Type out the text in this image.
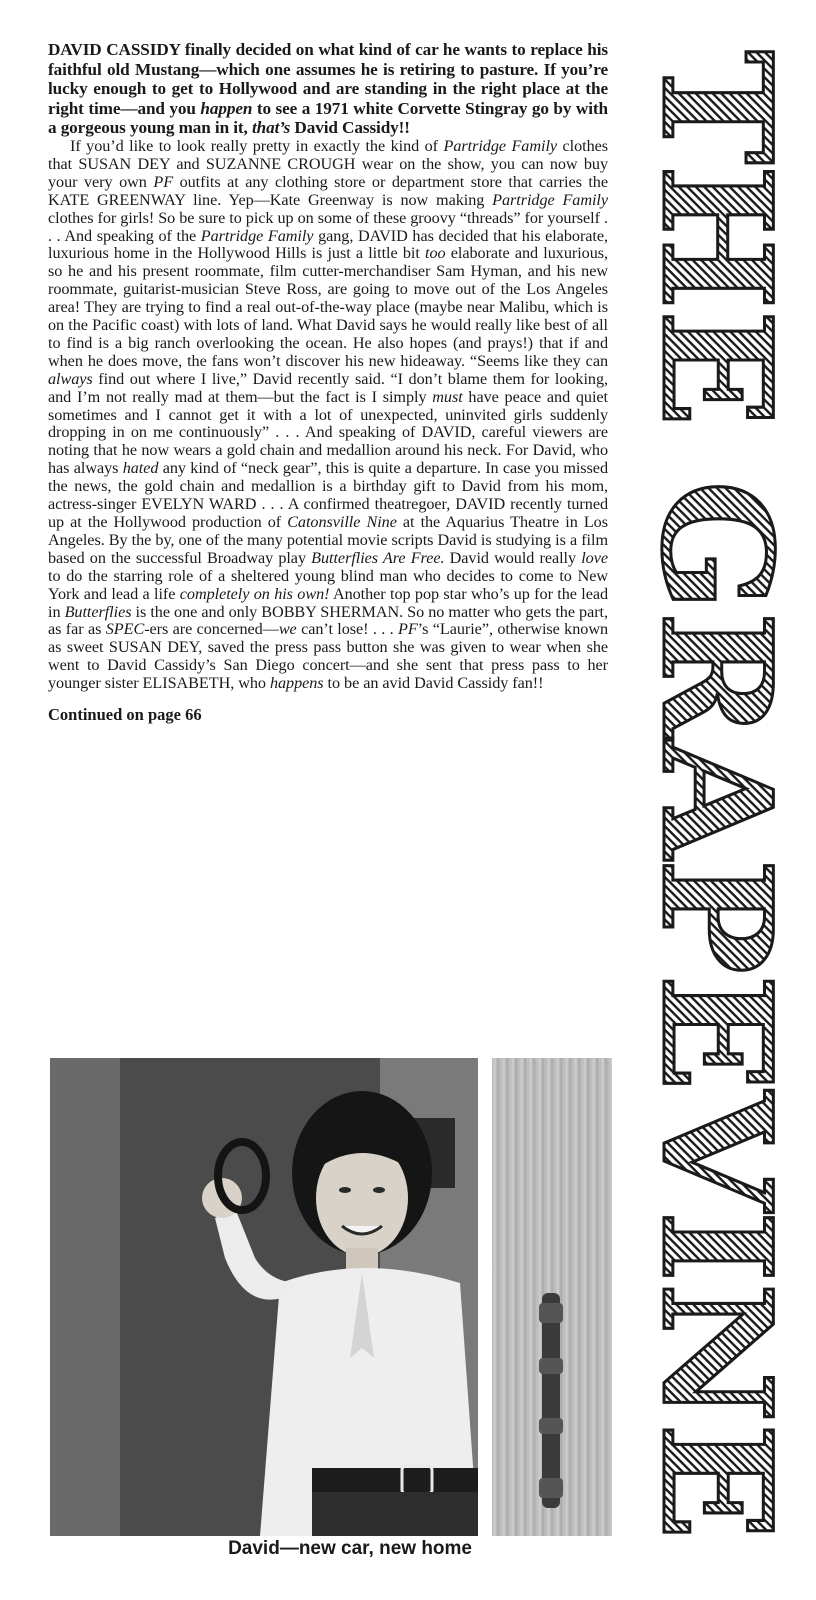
DAVID CASSIDY finally decided on what kind of car he wants to replace his faithful old Mustang—which one assumes he is retiring to pasture. If you’re lucky enough to get to Hollywood and are standing in the right place at the right time—and you happen to see a 1971 white Corvette Stingray go by with a gorgeous young man in it, that’s David Cassidy!!

If you’d like to look really pretty in exactly the kind of Partridge Family clothes that SUSAN DEY and SUZANNE CROUGH wear on the show, you can now buy your very own PF outfits at any clothing store or department store that carries the KATE GREENWAY line. Yep—Kate Greenway is now making Partridge Family clothes for girls! So be sure to pick up on some of these groovy “threads” for yourself . . . And speaking of the Partridge Family gang, DAVID has decided that his elaborate, luxurious home in the Hollywood Hills is just a little bit too elaborate and luxurious, so he and his present roommate, film cutter-merchandiser Sam Hyman, and his new roommate, guitarist-musician Steve Ross, are going to move out of the Los Angeles area! They are trying to find a real out-of-the-way place (maybe near Malibu, which is on the Pacific coast) with lots of land. What David says he would really like best of all to find is a big ranch overlooking the ocean. He also hopes (and prays!) that if and when he does move, the fans won’t discover his new hideaway. “Seems like they can always find out where I live,” David recently said. “I don’t blame them for looking, and I’m not really mad at them—but the fact is I simply must have peace and quiet sometimes and I cannot get it with a lot of unexpected, uninvited girls suddenly dropping in on me continuously” . . . And speaking of DAVID, careful viewers are noting that he now wears a gold chain and medallion around his neck. For David, who has always hated any kind of “neck gear”, this is quite a departure. In case you missed the news, the gold chain and medallion is a birthday gift to David from his mom, actress-singer EVELYN WARD . . . A confirmed theatregoer, DAVID recently turned up at the Hollywood production of Catonsville Nine at the Aquarius Theatre in Los Angeles. By the by, one of the many potential movie scripts David is studying is a film based on the successful Broadway play Butterflies Are Free. David would really love to do the starring role of a sheltered young blind man who decides to come to New York and lead a life completely on his own! Another top pop star who’s up for the lead in Butterflies is the one and only BOBBY SHERMAN. So no matter who gets the part, as far as SPEC-ers are concerned—we can’t lose! . . . PF’s “Laurie”, otherwise known as sweet SUSAN DEY, saved the press pass button she was given to wear when she went to David Cassidy’s San Diego concert—and she sent that press pass to her younger sister ELISABETH, who happens to be an avid David Cassidy fan!!

Continued on page 66

David—new car, new home
THE GRAPEVINE
